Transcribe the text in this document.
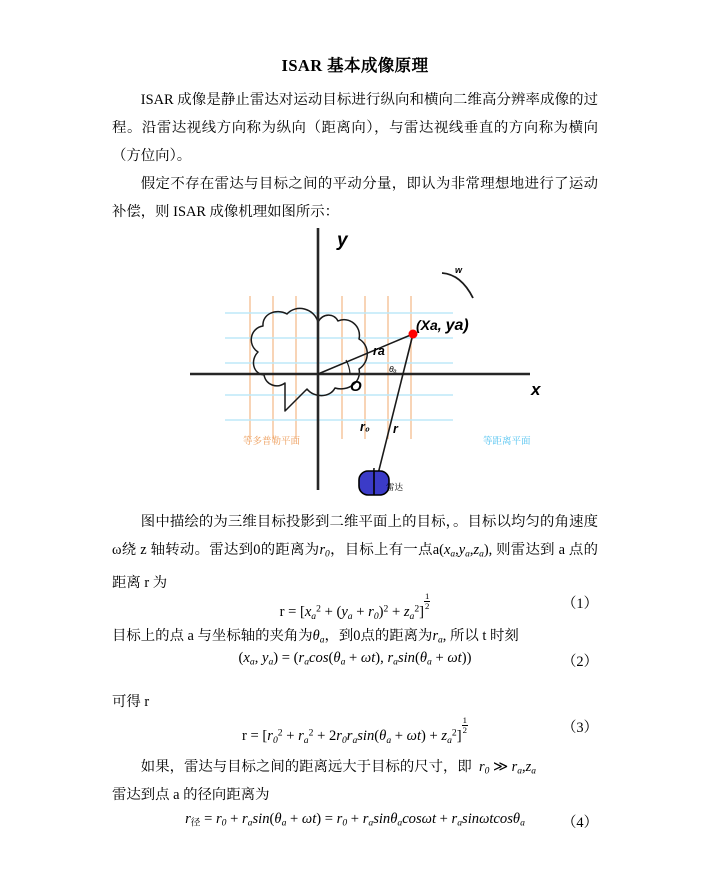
ISAR 基本成像原理
ISAR 成像是静止雷达对运动目标进行纵向和横向二维高分辨率成像的过程。沿雷达视线方向称为纵向（距离向），与雷达视线垂直的方向称为横向（方位向）。
假定不存在雷达与目标之间的平动分量，即认为非常理想地进行了运动补偿，则 ISAR 成像机理如图所示：
y
x
w
(Xa, ya)
ra
θₐ
O
r₀ r
等多普勒平面	等距离平面
雷达
图中描绘的为三维目标投影到二维平面上的目标，。目标以均匀的角速度ω绕 z 轴转动。雷达到0的距离为$r_0$，目标上有一点$a(x_a,y_a,z_a)$, 则雷达到 a 点的距离 r 为
$r = [x_a^2 + (y_a + r_0)^2 + z_a^2]$
$\frac{1}{2}$	（1）
目标上的点 a 与坐标轴的夹角为$\theta_a$，到0点的距离为$r_a$, 所以 t 时刻
($x_a$, $y_a) = (r_a\cos(\theta_a + \omega t)$, $r_a\sin(\theta_a + \omega t)$)	（2）
可得 r
$r = [r_0^2 + r_a^2 + 2r_0r_a\sin(\theta_a + \omega t) + z_a^2]$
$\frac{1}{2}$	（3）
如果，雷达与目标之间的距离远大于目标的尺寸，即  $r_0$ ≫ $r_a,z_a$
雷达到点 a 的径向距离为
$r_径 = r_0 + r_a\sin(\theta_a + \omega t) = r_0 + r_a\sin\theta_a\cos\omega t + r_a\sin\omega tcos\theta_a$	（4）
